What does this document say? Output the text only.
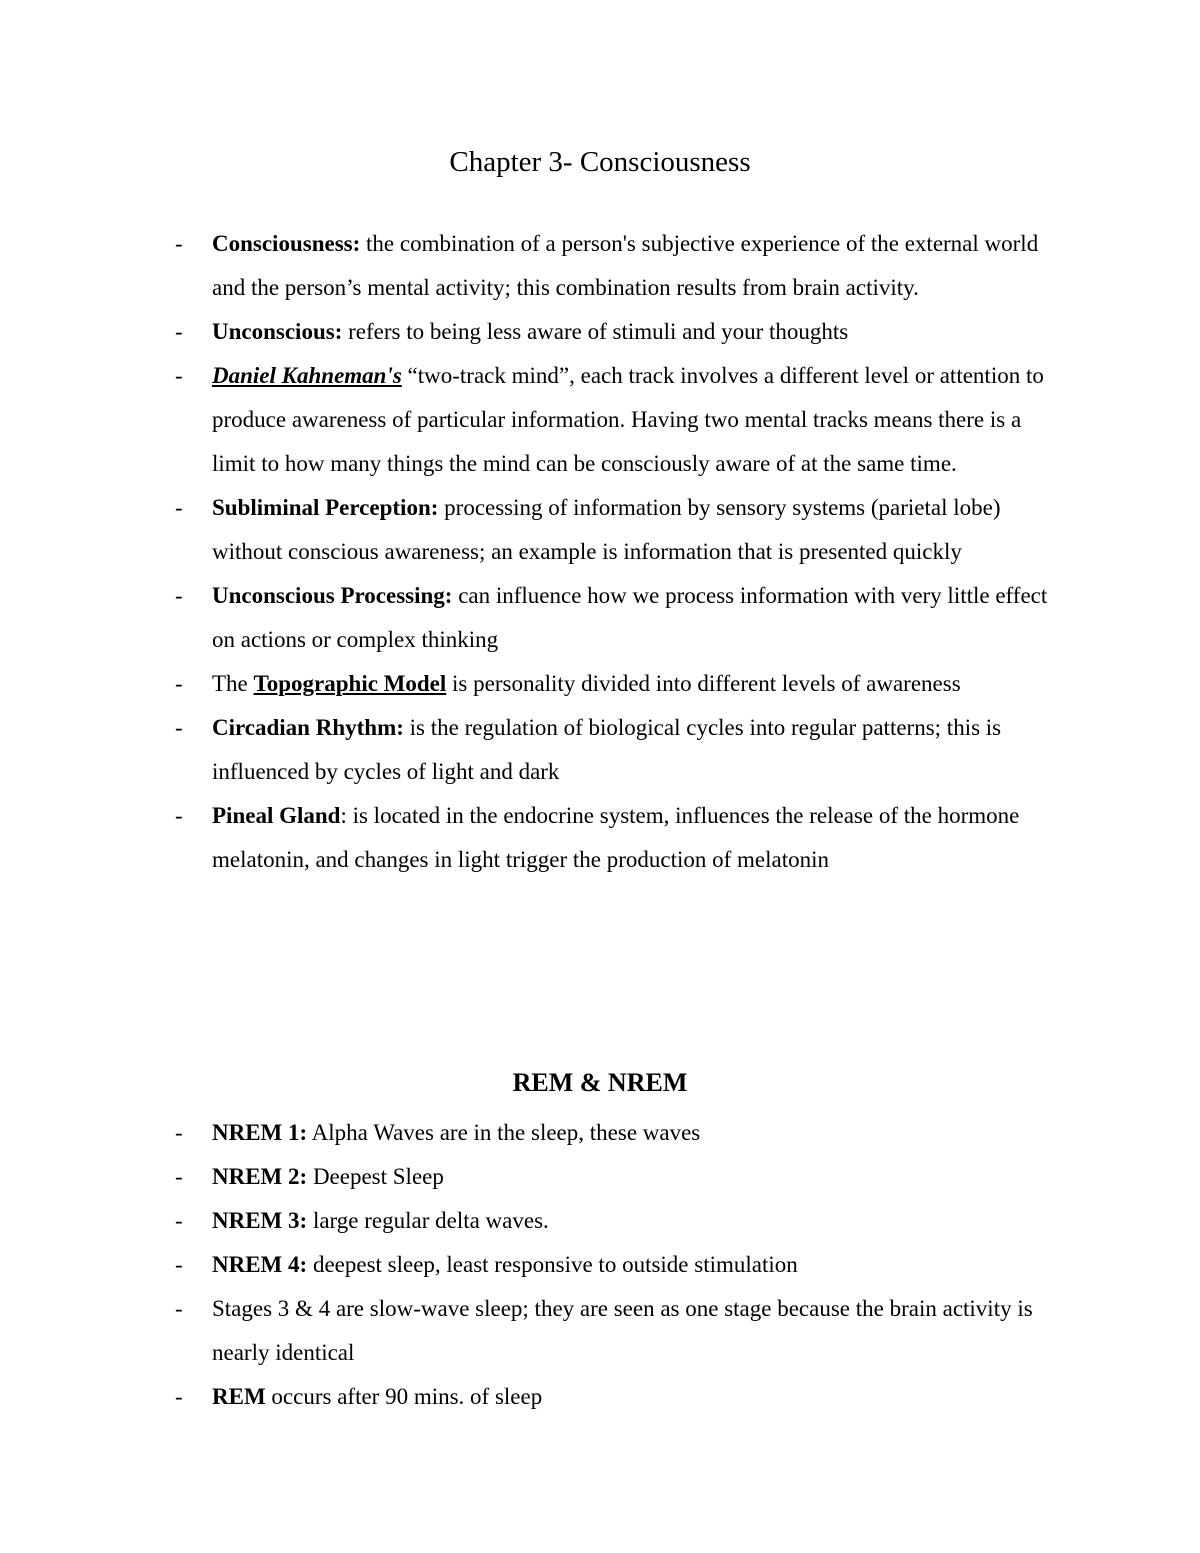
Chapter 3- Consciousness
- Consciousness: the combination of a person's subjective experience of the external world and the person’s mental activity; this combination results from brain activity.
- Unconscious: refers to being less aware of stimuli and your thoughts
- Daniel Kahneman's “two-track mind”, each track involves a different level or attention to produce awareness of particular information. Having two mental tracks means there is a limit to how many things the mind can be consciously aware of at the same time.
- Subliminal Perception: processing of information by sensory systems (parietal lobe) without conscious awareness; an example is information that is presented quickly
- Unconscious Processing: can influence how we process information with very little effect on actions or complex thinking
- The Topographic Model is personality divided into different levels of awareness
- Circadian Rhythm: is the regulation of biological cycles into regular patterns; this is influenced by cycles of light and dark
- Pineal Gland: is located in the endocrine system, influences the release of the hormone melatonin, and changes in light trigger the production of melatonin
REM & NREM
- NREM 1: Alpha Waves are in the sleep, these waves
- NREM 2: Deepest Sleep
- NREM 3: large regular delta waves.
- NREM 4: deepest sleep, least responsive to outside stimulation
- Stages 3 & 4 are slow-wave sleep; they are seen as one stage because the brain activity is nearly identical
- REM occurs after 90 mins. of sleep
